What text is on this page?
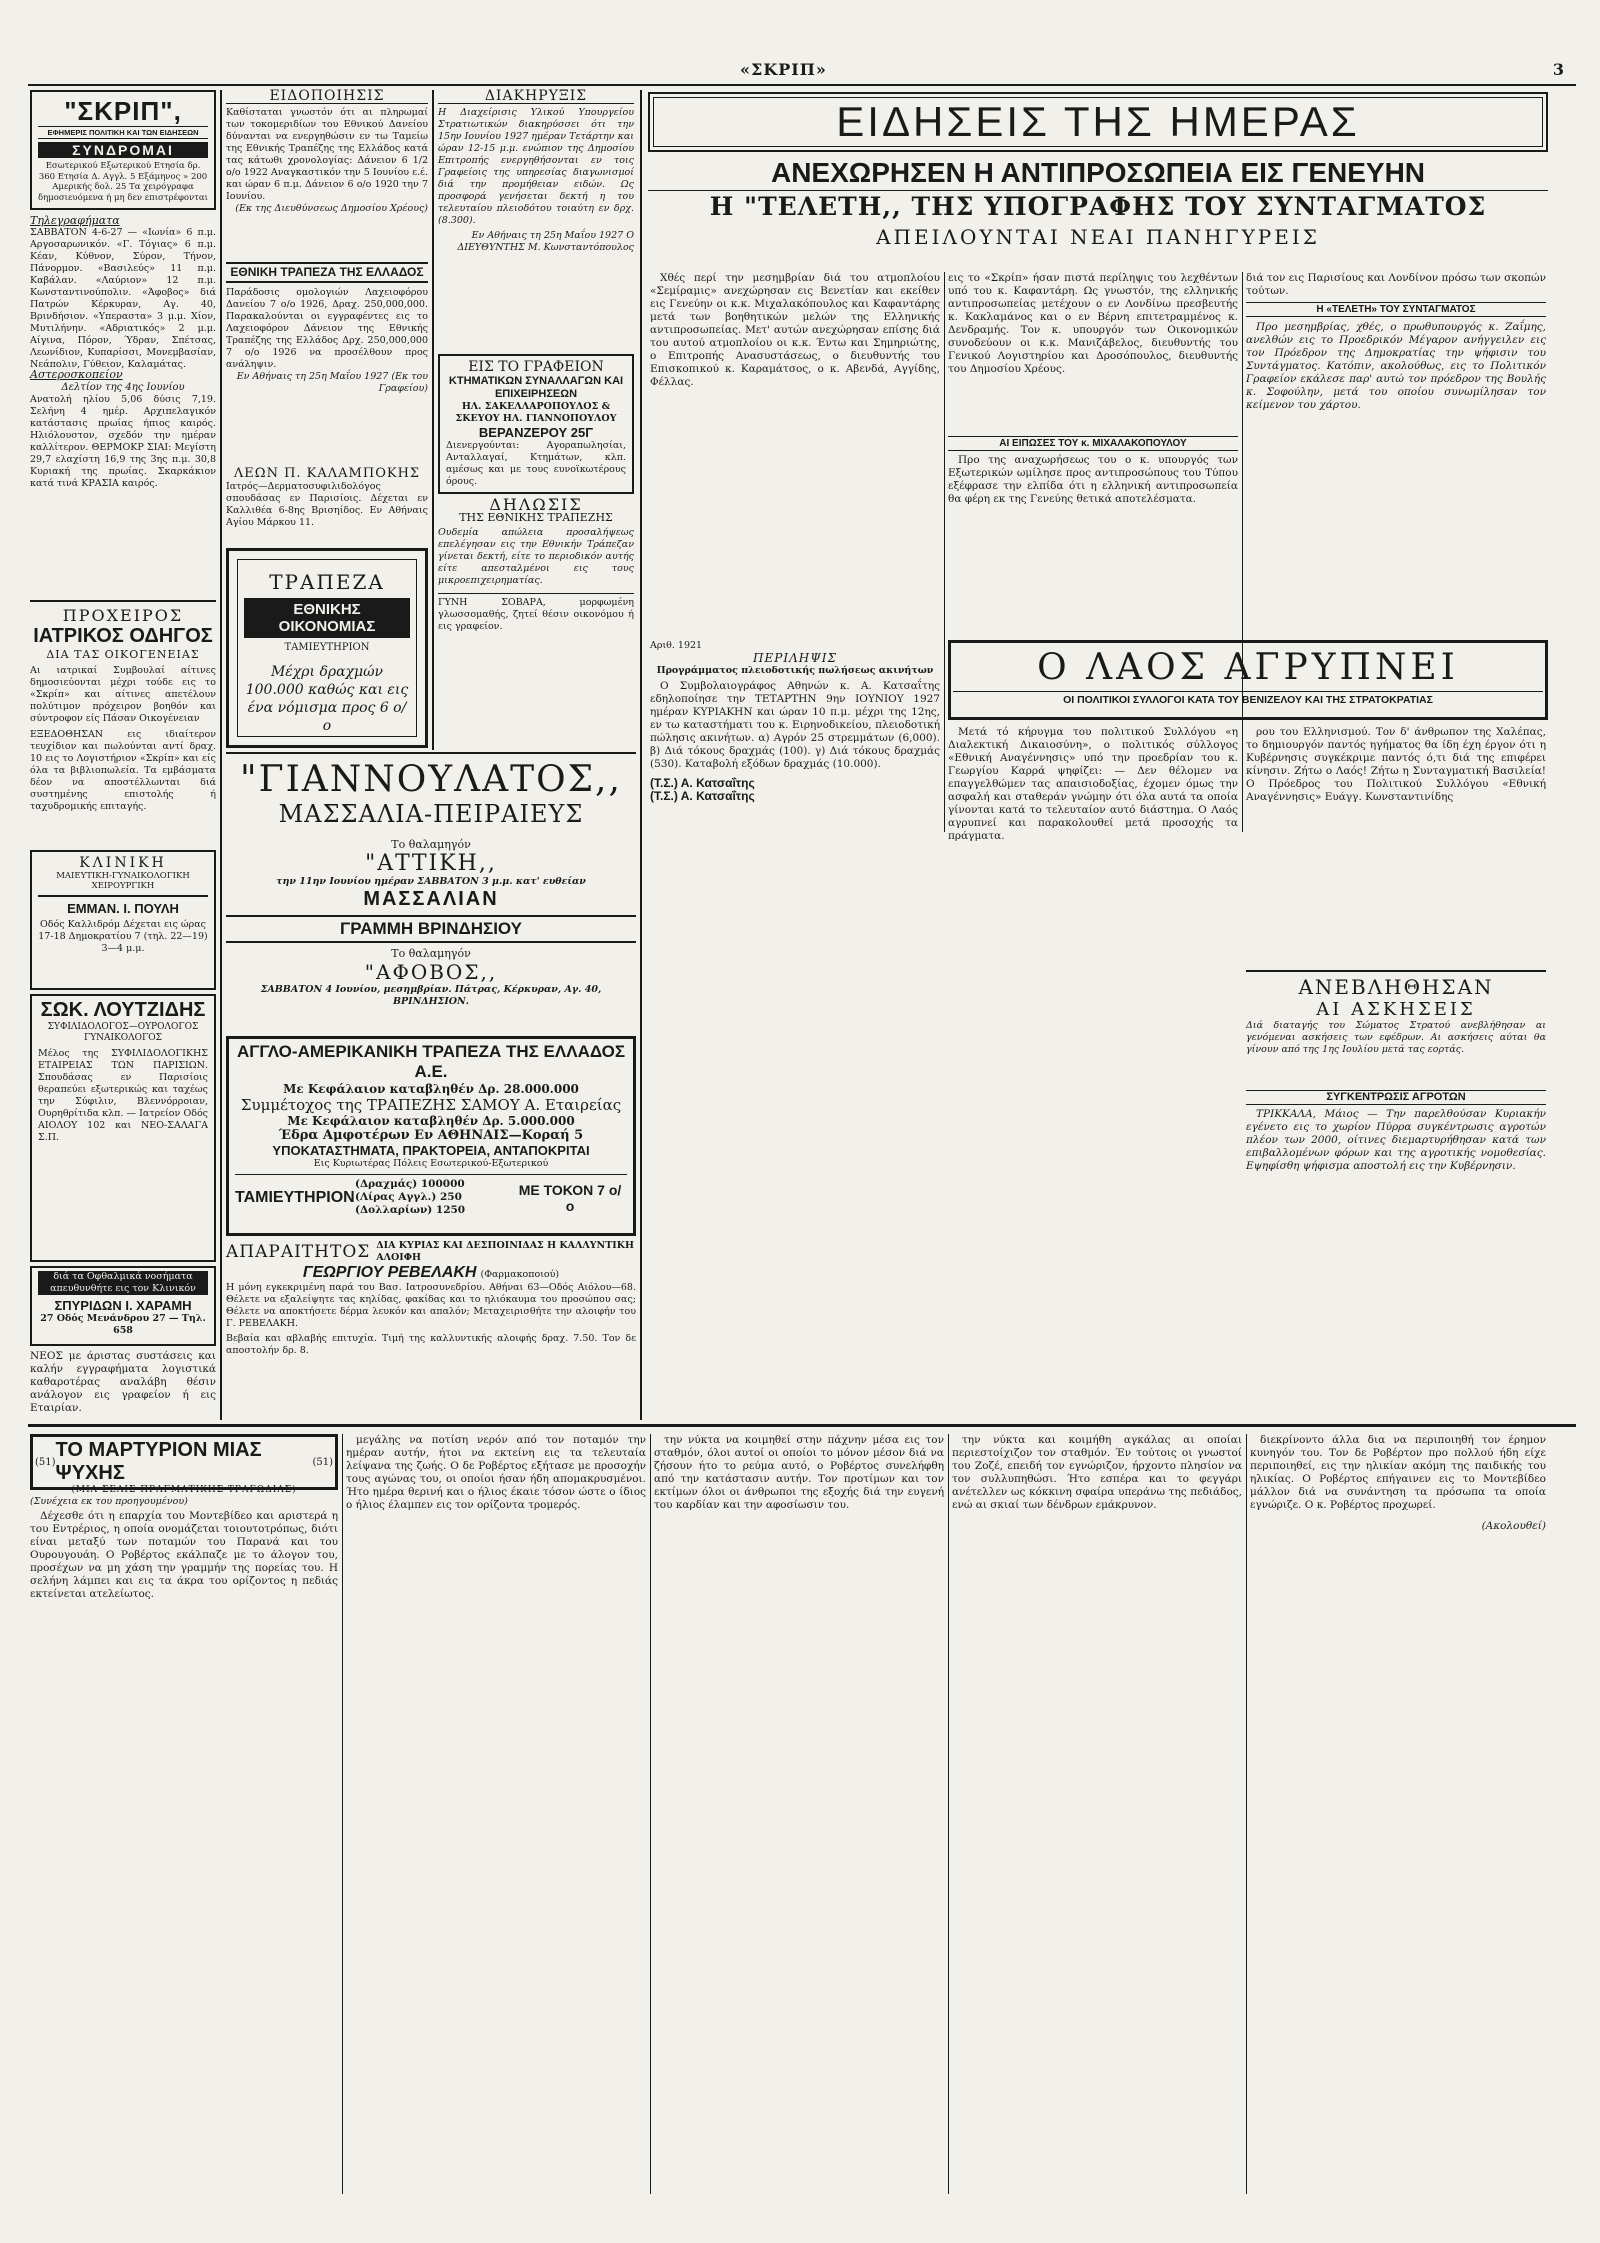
«ΣΚΡΙΠ»	3
"ΣΚΡΙΠ",
ΕΦΗΜΕΡΙΣ ΠΟΛΙΤΙΚΗ ΚΑΙ ΤΩΝ ΕΙΔΗΣΕΩΝ
ΣΥΝΔΡΟΜΑΙ
Εσωτερικού Εξωτερικού Ετησία δρ. 360 Ετησία Δ. Αγγλ. 5 Εξάμηνος » 200 Αμερικής δολ. 25 Τα χειρόγραφα δημοσιευόμενα ή μη δεν επιστρέφονται
Τηλεγραφήματα
ΣΑΒΒΑΤΟΝ 4-6-27 — «Ιωνία» 6 π.μ. Αργοσαρωνικόν. «Γ. Τόγιας» 6 π.μ. Κέαν, Κύθνον, Σύρον, Τήνον, Πάνορμον. «Βασιλεύς» 11 π.μ. Καβάλαν. «Λαύριον» 12 π.μ. Κωνσταντινούπολιν. «Άφοβος» διά Πατρών Κέρκυραν, Αγ. 40, Βρινδήσιον. «Υπεραστα» 3 μ.μ. Χίον, Μυτιλήνην. «Αδριατικός» 2 μ.μ. Αίγινα, Πόρον, Ύδραν, Σπέτσας, Λεωνίδιον, Κυπαρίσσι, Μονεμβασίαν, Νεάπολιν, Γύθειον, Καλαμάτας.
Αστεροσκοπείον
Δελτίον της 4ης Ιουνίου
Ανατολή ηλίου 5,06 δύσις 7,19. Σελήνη 4 ημέρ. Αρχιπελαγικόν κατάστασις πρωίας ήπιος καιρός. Ηλιόλουστον, σχεδόν την ημέραν καλλίτερον. ΘΕΡΜΟΚΡ ΣΙΑΙ: Μεγίστη 29,7 ελαχίστη 16,9 της 3ης π.μ. 30,8 Κυριακή της πρωίας. Σκαρκάκιον κατά τινά ΚΡΑΣΙΑ καιρός.
ΠΡΟΧΕΙΡΟΣ
ΙΑΤΡΙΚΟΣ ΟΔΗΓΟΣ
ΔΙΑ ΤΑΣ ΟΙΚΟΓΕΝΕΙΑΣ
Αι ιατρικαί Συμβουλαί αίτινες δημοσιεύονται μέχρι τούδε εις το «Σκρίπ» και αίτινες απετέλουν πολύτιμον πρόχειρον βοηθόν και σύντροφον είς Πάσαν Οικογένειαν
ΕΞΕΔΟΘΗΣΑΝ εις ιδιαίτερον τευχίδιον και πωλούνται αντί δραχ. 10 εις το Λογιστήριον «Σκρίπ» και είς όλα τα βιβλιοπωλεία. Τα εμβάσματα δέον να αποστέλλωνται διά συστημένης επιστολής ή ταχυδρομικής επιταγής.
ΚΛΙΝΙΚΗ
ΜΑΙΕΥΤΙΚΗ-ΓΥΝΑΙΚΟΛΟΓΙΚΗ ΧΕΙΡΟΥΡΓΙΚΗ
ΕΜΜΑΝ. Ι. ΠΟΥΛΗ
Οδός Καλλιδρόμ Δέχεται εις ώρας 17-18 Δημοκρατίου 7 (τηλ. 22—19) 3—4 μ.μ.
ΣΩΚ. ΛΟΥΤΖΙΔΗΣ
ΣΥΦΙΛΙΔΟΛΟΓΟΣ—ΟΥΡΟΛΟΓΟΣ ΓΥΝΑΙΚΟΛΟΓΟΣ
Μέλος της ΣΥΦΙΛΙΔΟΛΟΓΙΚΗΣ ΕΤΑΙΡΕΙΑΣ ΤΩΝ ΠΑΡΙΣΙΩΝ. Σπουδάσας εν Παρισίοις θεραπεύει εξωτερικώς και ταχέως την Σύφιλιν, Βλεννόρροιαν, Ουρηθρίτιδα κλπ. — Ιατρείον Οδός ΑΙΟΛΟΥ 102 και ΝΕΟ-ΣΑΛΑΓΑ Σ.Π.
διά τα Οφθαλμικά νοσήματα απευθυνθήτε εις τον Κλινικόν
ΣΠΥΡΙΔΩΝ Ι. ΧΑΡΑΜΗ
27 Οδός Μενάνδρου 27 — Τηλ. 658
ΝΕΟΣ με άριστας συστάσεις και καλήν εγγραφήματα λογιστικά καθαροτέρας αναλάβη θέσιν ανάλογον εις γραφείον ή εις Εταιρίαν.
ΕΙΔΟΠΟΙΗΣΙΣ
Καθίσταται γνωστόν ότι αι πληρωμαί των τοκομεριδίων του Εθνικού Δανείου δύνανται να ενεργηθώσιν εν τω Ταμείω της Εθνικής Τραπέζης της Ελλάδος κατά τας κάτωθι χρονολογίας: Δάνειον 6 1/2 ο/ο 1922 Αναγκαστικόν την 5 Ιουνίου ε.έ. και ώραν 6 π.μ. Δάνειον 6 ο/ο 1920 την 7 Ιουνίου.
(Εκ της Διευθύνσεως Δημοσίου Χρέους)
ΕΘΝΙΚΗ ΤΡΑΠΕΖΑ ΤΗΣ ΕΛΛΑΔΟΣ
Παράδοσις ομολογιών Λαχειοφόρου Δανείου 7 ο/ο 1926, Δραχ. 250,000,000. Παρακαλούνται οι εγγραφέντες εις το Λαχειοφόρον Δάνειον της Εθνικής Τραπέζης της Ελλάδος Δρχ. 250,000,000 7 ο/ο 1926 να προσέλθουν προς ανάληψιν.
Εν Αθήναις τη 25η Μαΐου 1927 (Εκ του Γραφείου)
ΛΕΩΝ Π. ΚΑΛΑΜΠΟΚΗΣ
Ιατρός—Δερματοσυφιλιδολόγος σπουδάσας εν Παρισίοις. Δέχεται εν Καλλιθέα 6-8ης Βρισηίδος. Εν Αθήναις Αγίου Μάρκου 11.
ΤΡΑΠΕΖΑ
ΕΘΝΙΚΗΣ ΟΙΚΟΝΟΜΙΑΣ
ΤΑΜΙΕΥΤΗΡΙΟΝ
Μέχρι δραχμών 100.000 καθώς και εις ένα νόμισμα προς 6 ο/ο
ΔΙΑΚΗΡΥΞΙΣ
Η Διαχείρισις Υλικού Υπουργείου Στρατιωτικών διακηρύσσει ότι την 15ην Ιουνίου 1927 ημέραν Τετάρτην και ώραν 12-15 μ.μ. ενώπιον της Δημοσίου Επιτροπής ενεργηθήσονται εν τοις Γραφείοις της υπηρεσίας διαγωνισμοί διά την προμήθειαν ειδών. Ως προσφορά γενήσεται δεκτή η του τελευταίου πλειοδότου τοιαύτη εν δρχ. (8.300).
Εν Αθήναις τη 25η Μαΐου 1927 Ο ΔΙΕΥΘΥΝΤΗΣ Μ. Κωνσταντόπουλος
ΕΙΣ ΤΟ ΓΡΑΦΕΙΟΝ
ΚΤΗΜΑΤΙΚΩΝ ΣΥΝΑΛΛΑΓΩΝ ΚΑΙ ΕΠΙΧΕΙΡΗΣΕΩΝ
ΗΛ. ΣΑΚΕΛΛΑΡΟΠΟΥΛΟΣ & ΣΚΕΥΟΥ ΗΛ. ΓΙΑΝΝΟΠΟΥΛΟΥ
ΒΕΡΑΝΖΕΡΟΥ 25Γ
Διενεργούνται: Αγοραπωλησίαι, Ανταλλαγαί, Κτημάτων, κλπ. αμέσως και με τους ευνοϊκωτέρους όρους.
ΔΗΛΩΣΙΣ
ΤΗΣ ΕΘΝΙΚΗΣ ΤΡΑΠΕΖΗΣ
Ουδεμία απώλεια προσαλήψεως επελέγησαν εις την Εθνικήν Τράπεζαν γίνεται δεκτή, είτε το περιοδικόν αυτής είτε απεσταλμένοι εις τους μικροεπιχειρηματίας.
ΓΥΝΗ ΣΟΒΑΡΑ, μορφωμένη γλωσσομαθής, ζητεί θέσιν οικονόμου ή εις γραφείον.
"ΓΙΑΝΝΟΥΛΑΤΟΣ,,
ΜΑΣΣΑΛΙΑ-ΠΕΙΡΑΙΕΥΣ
Το θαλαμηγόν
"ΑΤΤΙΚΗ,,
την 11ην Ιουνίου ημέραν ΣΑΒΒΑΤΟΝ 3 μ.μ. κατ' ευθείαν
ΜΑΣΣΑΛΙΑΝ
ΓΡΑΜΜΗ ΒΡΙΝΔΗΣΙΟΥ
Το θαλαμηγόν
"ΑΦΟΒΟΣ,,
ΣΑΒΒΑΤΟΝ 4 Ιουνίου, μεσημβρίαν. Πάτρας, Κέρκυραν, Αγ. 40, ΒΡΙΝΔΗΣΙΟΝ.
ΑΓΓΛΟ-ΑΜΕΡΙΚΑΝΙΚΗ ΤΡΑΠΕΖΑ ΤΗΣ ΕΛΛΑΔΟΣ Α.Ε.
Με Κεφάλαιον καταβληθέν Δρ. 28.000.000
Συμμέτοχος της ΤΡΑΠΕΖΗΣ ΣΑΜΟΥ Α. Εταιρείας
Με Κεφάλαιον καταβληθέν Δρ. 5.000.000
Έδρα Αμφοτέρων Εν ΑΘΗΝΑΙΣ—Κοραή 5
ΥΠΟΚΑΤΑΣΤΗΜΑΤΑ, ΠΡΑΚΤΟΡΕΙΑ, ΑΝΤΑΠΟΚΡΙΤΑΙ
Εις Κυριωτέρας Πόλεις Εσωτερικού-Εξωτερικού
ΤΑΜΙΕΥΤΗΡΙΟΝ
(Δραχμάς) 100000
(Λίρας Αγγλ.) 250
(Δολλαρίων) 1250
ΜΕ ΤΟΚΟΝ 7 ο/ο
ΑΠΑΡΑΙΤΗΤΟΣ ΔΙΑ ΚΥΡΙΑΣ ΚΑΙ ΔΕΣΠΟΙΝΙΔΑΣ Η ΚΑΛΛΥΝΤΙΚΗ ΑΛΟΙΦΗ
ΓΕΩΡΓΙΟΥ ΡΕΒΕΛΑΚΗ (Φαρμακοποιού)
Η μόνη εγκεκριμένη παρά του Βασ. Ιατροσυνεδρίου. Αθήναι 63—Οδός Αιόλου—68. Θέλετε να εξαλείψητε τας κηλίδας, φακίδας και το ηλιόκαυμα του προσώπου σας; Θέλετε να αποκτήσετε δέρμα λευκόν και απαλόν; Μεταχειρισθήτε την αλοιφήν του Γ. ΡΕΒΕΛΑΚΗ.
Βεβαία και αβλαβής επιτυχία. Τιμή της καλλυντικής αλοιφής δραχ. 7.50. Τον δε αποστολήν δρ. 8.
ΕΙΔΗΣΕΙΣ ΤΗΣ ΗΜΕΡΑΣ
ΑΝΕΧΩΡΗΣΕΝ Η ΑΝΤΙΠΡΟΣΩΠΕΙΑ ΕΙΣ ΓΕΝΕΥΗΝ
Η "ΤΕΛΕΤΗ,, ΤΗΣ ΥΠΟΓΡΑΦΗΣ ΤΟΥ ΣΥΝΤΑΓΜΑΤΟΣ
ΑΠΕΙΛΟΥΝΤΑΙ ΝΕΑΙ ΠΑΝΗΓΥΡΕΙΣ
Χθές περί την μεσημβρίαν διά του ατμοπλοίου «Σεμίραμις» ανεχώρησαν εις Βενετίαν και εκείθεν εις Γενεύην οι κ.κ. Μιχαλακόπουλος και Καφαντάρης μετά των βοηθητικών μελών της Ελληνικής αντιπροσωπείας. Μετ' αυτών ανεχώρησαν επίσης διά του αυτού ατμοπλοίου οι κ.κ. Έντω και Σημηριώτης, ο Επιτροπής Ανασυστάσεως, ο διευθυντής του Επισκοπικού κ. Καραμάτσος, ο κ. Αβενδά, Αγγίδης, Φέλλας.
εις το «Σκρίπ» ήσαν πιστά περίληψις του λεχθέντων υπό του κ. Καφαντάρη. Ως γνωστόν, της ελληνικής αντιπροσωπείας μετέχουν ο εν Λονδίνω πρεσβευτής κ. Κακλαμάνος και ο εν Βέρνη επιτετραμμένος κ. Δενδραμής. Τον κ. υπουργόν των Οικονομικών συνοδεύουν οι κ.κ. Μανιζάβελος, διευθυντής του Γενικού Λογιστηρίου και Δροσόπουλος, διευθυντής του Δημοσίου Χρέους.
ΑΙ ΕΙΠΩΣΕΣ ΤΟΥ κ. ΜΙΧΑΛΑΚΟΠΟΥΛΟΥ
Προ της αναχωρήσεως του ο κ. υπουργός των Εξωτερικών ωμίλησε προς αντιπροσώπους του Τύπου εξέφρασε την ελπίδα ότι η ελληνική αντιπροσωπεία θα φέρη εκ της Γενεύης θετικά αποτελέσματα.
διά τον εις Παρισίους και Λονδίνον πρόσω των σκοπών τούτων.
Η «ΤΕΛΕΤΗ» ΤΟΥ ΣΥΝΤΑΓΜΑΤΟΣ
Προ μεσημβρίας, χθές, ο πρωθυπουργός κ. Ζαΐμης, ανελθών εις το Προεδρικόν Μέγαρον ανήγγειλεν εις τον Πρόεδρον της Δημοκρατίας την ψήφισιν του Συντάγματος. Κατόπιν, ακολούθως, εις το Πολιτικόν Γραφείον εκάλεσε παρ' αυτώ τον πρόεδρον της Βουλής κ. Σοφούλην, μετά του οποίου συνωμίλησαν τον κείμενον του χάρτου.
Αριθ. 1921
ΠΕΡΙΛΗΨΙΣ
Προγράμματος πλειοδοτικής πωλήσεως ακινήτων
Ο Συμβολαιογράφος Αθηνών κ. Α. Κατσαΐτης εδηλοποίησε την ΤΕΤΑΡΤΗΝ 9ην ΙΟΥΝΙΟΥ 1927 ημέραν ΚΥΡΙΑΚΗΝ και ώραν 10 π.μ. μέχρι της 12ης, εν τω καταστήματι του κ. Ειρηνοδικείου, πλειοδοτική πώλησις ακινήτων. α) Αγρόν 25 στρεμμάτων (6,000). β) Διά τόκους δραχμάς (100). γ) Διά τόκους δραχμάς (530). Καταβολή εξόδων δραχμάς (10.000).
(Τ.Σ.) Α. Κατσαΐτης
(Τ.Σ.) Α. Κατσαΐτης
Ο ΛΑΟΣ ΑΓΡΥΠΝΕΙ
ΟΙ ΠΟΛΙΤΙΚΟΙ ΣΥΛΛΟΓΟΙ ΚΑΤΑ ΤΟΥ ΒΕΝΙΖΕΛΟΥ ΚΑΙ ΤΗΣ ΣΤΡΑΤΟΚΡΑΤΙΑΣ
Μετά τό κήρυγμα του πολιτικού Συλλόγου «η Διαλεκτική Δικαιοσύνη», ο πολιτικός σύλλογος «Εθνική Αναγέννησις» υπό την προεδρίαν του κ. Γεωργίου Καρρά ψηφίζει: — Δεν θέλομεν να επαγγελθώμεν τας απαισιοδοξίας, έχομεν όμως την ασφαλή και σταθεράν γνώμην ότι όλα αυτά τα οποία γίνονται κατά το τελευταίον αυτό διάστημα. Ο Λαός αγρυπνεί και παρακολουθεί μετά προσοχής τα πράγματα.
ρου του Ελληνισμού. Τον δ' άνθρωπον της Χαλέπας, το δημιουργόν παντός ηγήματος θα ίδη έχη έργον ότι η Κυβέρνησις συγκέκριμε παντός ό,τι διά της επιφέρει κίνησιν. Ζήτω ο Λαός! Ζήτω η Συνταγματική Βασιλεία! Ο Πρόεδρος του Πολιτικού Συλλόγου «Εθνική Αναγέννησις» Ευάγγ. Κωνσταντινίδης
ΑΝΕΒΛΗΘΗΣΑΝ
ΑΙ ΑΣΚΗΣΕΙΣ
Διά διαταγής του Σώματος Στρατού ανεβλήθησαν αι γενόμεναι ασκήσεις των εφέδρων. Αι ασκήσεις αύται θα γίνουν από της 1ης Ιουλίου μετά τας εορτάς.
ΣΥΓΚΕΝΤΡΩΣΙΣ ΑΓΡΟΤΩΝ
ΤΡΙΚΚΑΛΑ, Μάιος — Την παρελθούσαν Κυριακήν εγένετο εις το χωρίον Πύρρα συγκέντρωσις αγροτών πλέον των 2000, οίτινες διεμαρτυρήθησαν κατά των επιβαλλομένων φόρων και της αγροτικής νομοθεσίας. Εψηφίσθη ψήφισμα αποστολή εις την Κυβέρνησιν.
(51)
ΤΟ ΜΑΡΤΥΡΙΟΝ ΜΙΑΣ ΨΥΧΗΣ	(51)
(ΜΙΑ ΣΕΛΙΣ ΠΡΑΓΜΑΤΙΚΗΣ ΤΡΑΓΩΔΙΑΣ)
(Συνέχεια εκ του προηγουμένου)
Δέχεσθε ότι η επαρχία του Μοντεβίδεο και αριστερά η του Εντρέριος, η οποία ονομάζεται τοιουτοτρόπως, διότι είναι μεταξύ των ποταμών του Παρανά και του Ουρουγουάη. Ο Ροβέρτος εκάλπαζε με το άλογον του, προσέχων να μη χάση την γραμμήν της πορείας του. Η σελήνη λάμπει και εις τα άκρα του ορίζοντος η πεδιάς εκτείνεται ατελείωτος.
μεγάλης να ποτίση νερόν από τον ποταμόν την ημέραν αυτήν, ήτοι να εκτείνη εις τα τελευταία λείψανα της ζωής. Ο δε Ροβέρτος εξήτασε με προσοχήν τους αγώνας του, οι οποίοι ήσαν ήδη απομακρυσμένοι. Ήτο ημέρα θερινή και ο ήλιος έκαιε τόσον ώστε ο ίδιος ο ήλιος έλαμπεν εις τον ορίζοντα τρομερός.
την νύκτα να κοιμηθεί στην πάχνην μέσα εις τον σταθμόν, όλοι αυτοί οι οποίοι το μόνον μέσον διά να ζήσουν ήτο το ρεύμα αυτό, ο Ροβέρτος συνελήφθη από την κατάστασιν αυτήν. Τον προτίμων και τον εκτίμων όλοι οι άνθρωποι της εξοχής διά την ευγενή του καρδίαν και την αφοσίωσιν του.
την νύκτα και κοιμήθη αγκάλας αι οποίαι περιεστοίχιζον τον σταθμόν. Έν τούτοις οι γνωστοί του Ζοζέ, επειδή τον εγνώριζον, ήρχοντο πλησίον να τον συλλυπηθώσι. Ήτο εσπέρα και το φεγγάρι ανέτελλεν ως κόκκινη σφαίρα υπεράνω της πεδιάδος, ενώ αι σκιαί των δένδρων εμάκρυνον.
διεκρίνοντο άλλα δια να περιποιηθή τον έρημον κυνηγόν του. Τον δε Ροβέρτον προ πολλού ήδη είχε περιποιηθεί, εις την ηλικίαν ακόμη της παιδικής του ηλικίας. Ο Ροβέρτος επήγαινεν εις το Μοντεβίδεο μάλλον διά να συνάντηση τα πρόσωπα τα οποία εγνώριζε. Ο κ. Ροβέρτος προχωρεί.
(Ακολουθεί)
